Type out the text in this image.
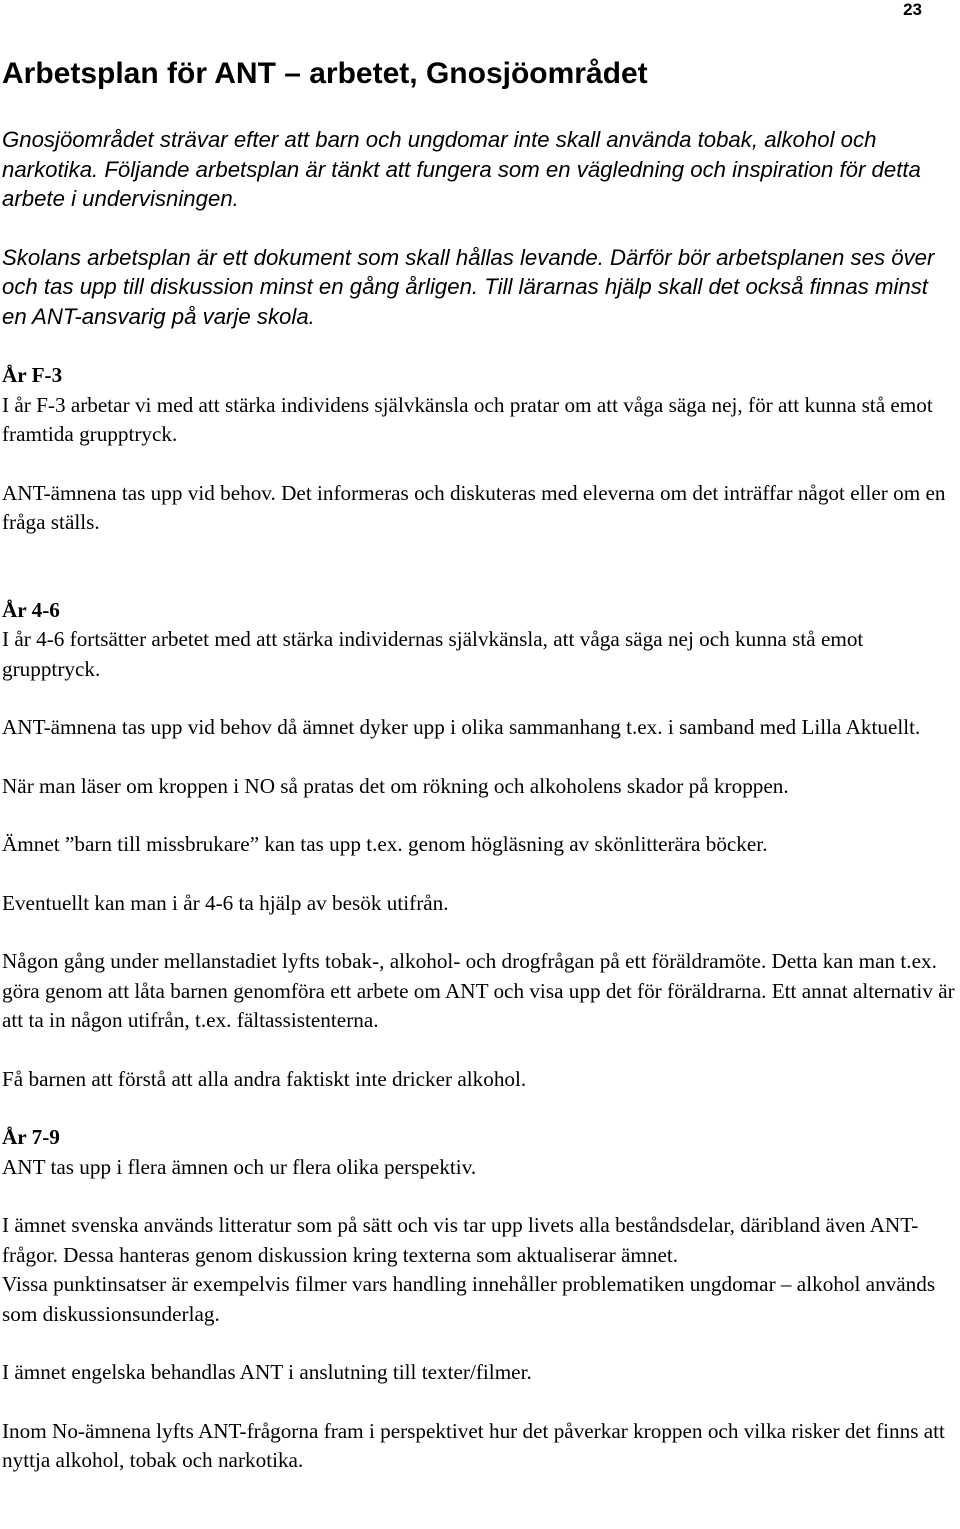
23
Arbetsplan för ANT – arbetet, Gnosjöområdet

Gnosjöområdet strävar efter att barn och ungdomar inte skall använda tobak, alkohol och narkotika. Följande arbetsplan är tänkt att fungera som en vägledning och inspiration för detta arbete i undervisningen.

Skolans arbetsplan är ett dokument som skall hållas levande. Därför bör arbetsplanen ses över och tas upp till diskussion minst en gång årligen. Till lärarnas hjälp skall det också finnas minst en ANT-ansvarig på varje skola.

År F-3

I år F-3 arbetar vi med att stärka individens självkänsla och pratar om att våga säga nej, för att kunna stå emot framtida grupptryck.

ANT-ämnena tas upp vid behov. Det informeras och diskuteras med eleverna om det inträffar något eller om en fråga ställs.

År 4-6

I år 4-6 fortsätter arbetet med att stärka individernas självkänsla, att våga säga nej och kunna stå emot grupptryck.

ANT-ämnena tas upp vid behov då ämnet dyker upp i olika sammanhang t.ex. i samband med Lilla Aktuellt.

När man läser om kroppen i NO så pratas det om rökning och alkoholens skador på kroppen.

Ämnet ”barn till missbrukare” kan tas upp t.ex. genom högläsning av skönlitterära böcker.

Eventuellt kan man i år 4-6 ta hjälp av besök utifrån.

Någon gång under mellanstadiet lyfts tobak-, alkohol- och drogfrågan på ett föräldramöte. Detta kan man t.ex. göra genom att låta barnen genomföra ett arbete om ANT och visa upp det för föräldrarna. Ett annat alternativ är att ta in någon utifrån, t.ex. fältassistenterna.

Få barnen att förstå att alla andra faktiskt inte dricker alkohol.

År 7-9

ANT tas upp i flera ämnen och ur flera olika perspektiv.

I ämnet svenska används litteratur som på sätt och vis tar upp livets alla beståndsdelar, däribland även ANT-frågor. Dessa hanteras genom diskussion kring texterna som aktualiserar ämnet.

Vissa punktinsatser är exempelvis filmer vars handling innehåller problematiken ungdomar – alkohol används som diskussionsunderlag.

I ämnet engelska behandlas ANT i anslutning till texter/filmer.

Inom No-ämnena lyfts ANT-frågorna fram i perspektivet hur det påverkar kroppen och vilka risker det finns att nyttja alkohol, tobak och narkotika.
